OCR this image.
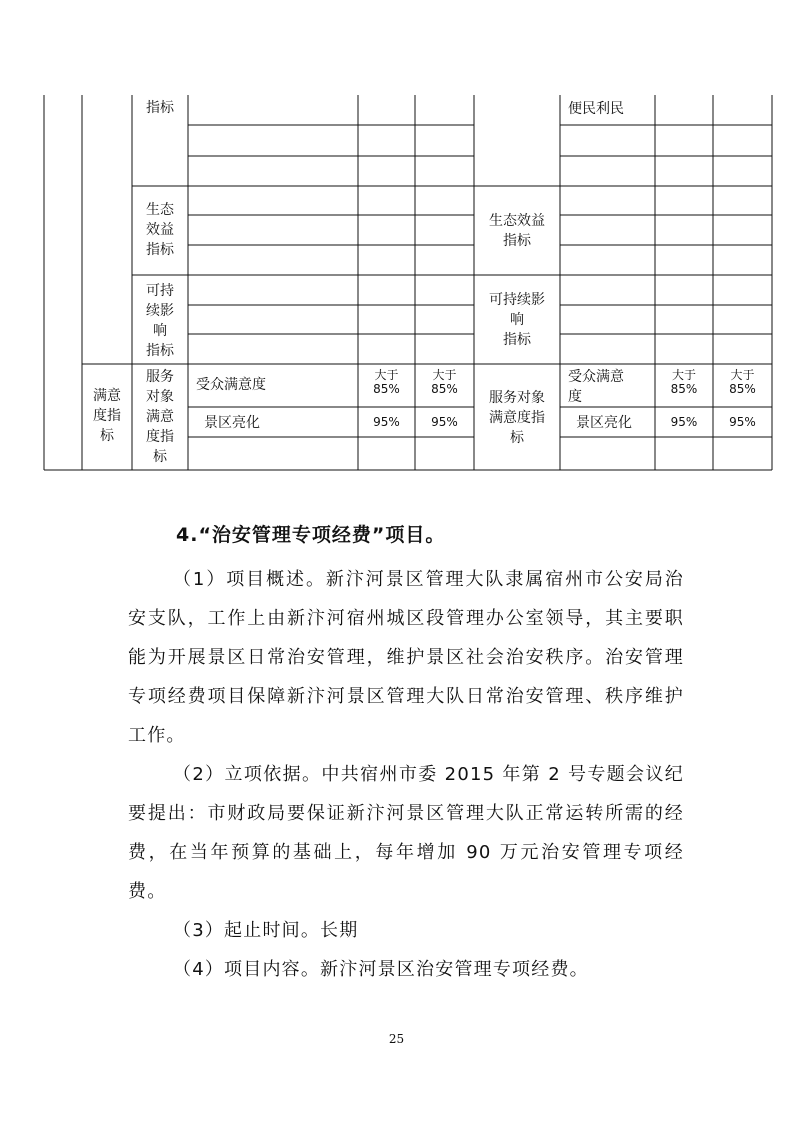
指标
生态
效益
指标
可持
续影
响
指标
满意
度指
标
服务
对象
满意
度指
标
受众满意度
景区亮化
大于
85%
大于
85%
95%	95%
生态效益
指标
可持续影
响
指标
服务对象
满意度指
标
便民利民
受众满意
度
景区亮化
大于
85%
大于
85%
95%	95%
4.“治安管理专项经费”项目。
（1）项目概述。新汴河景区管理大队隶属宿州市公安局治安支队，工作上由新汴河宿州城区段管理办公室领导，其主要职能为开展景区日常治安管理，维护景区社会治安秩序。治安管理专项经费项目保障新汴河景区管理大队日常治安管理、秩序维护工作。
（2）立项依据。中共宿州市委 2015 年第 2 号专题会议纪要提出：市财政局要保证新汴河景区管理大队正常运转所需的经费，在当年预算的基础上，每年增加 90 万元治安管理专项经费。
（3）起止时间。长期
（4）项目内容。新汴河景区治安管理专项经费。
25
